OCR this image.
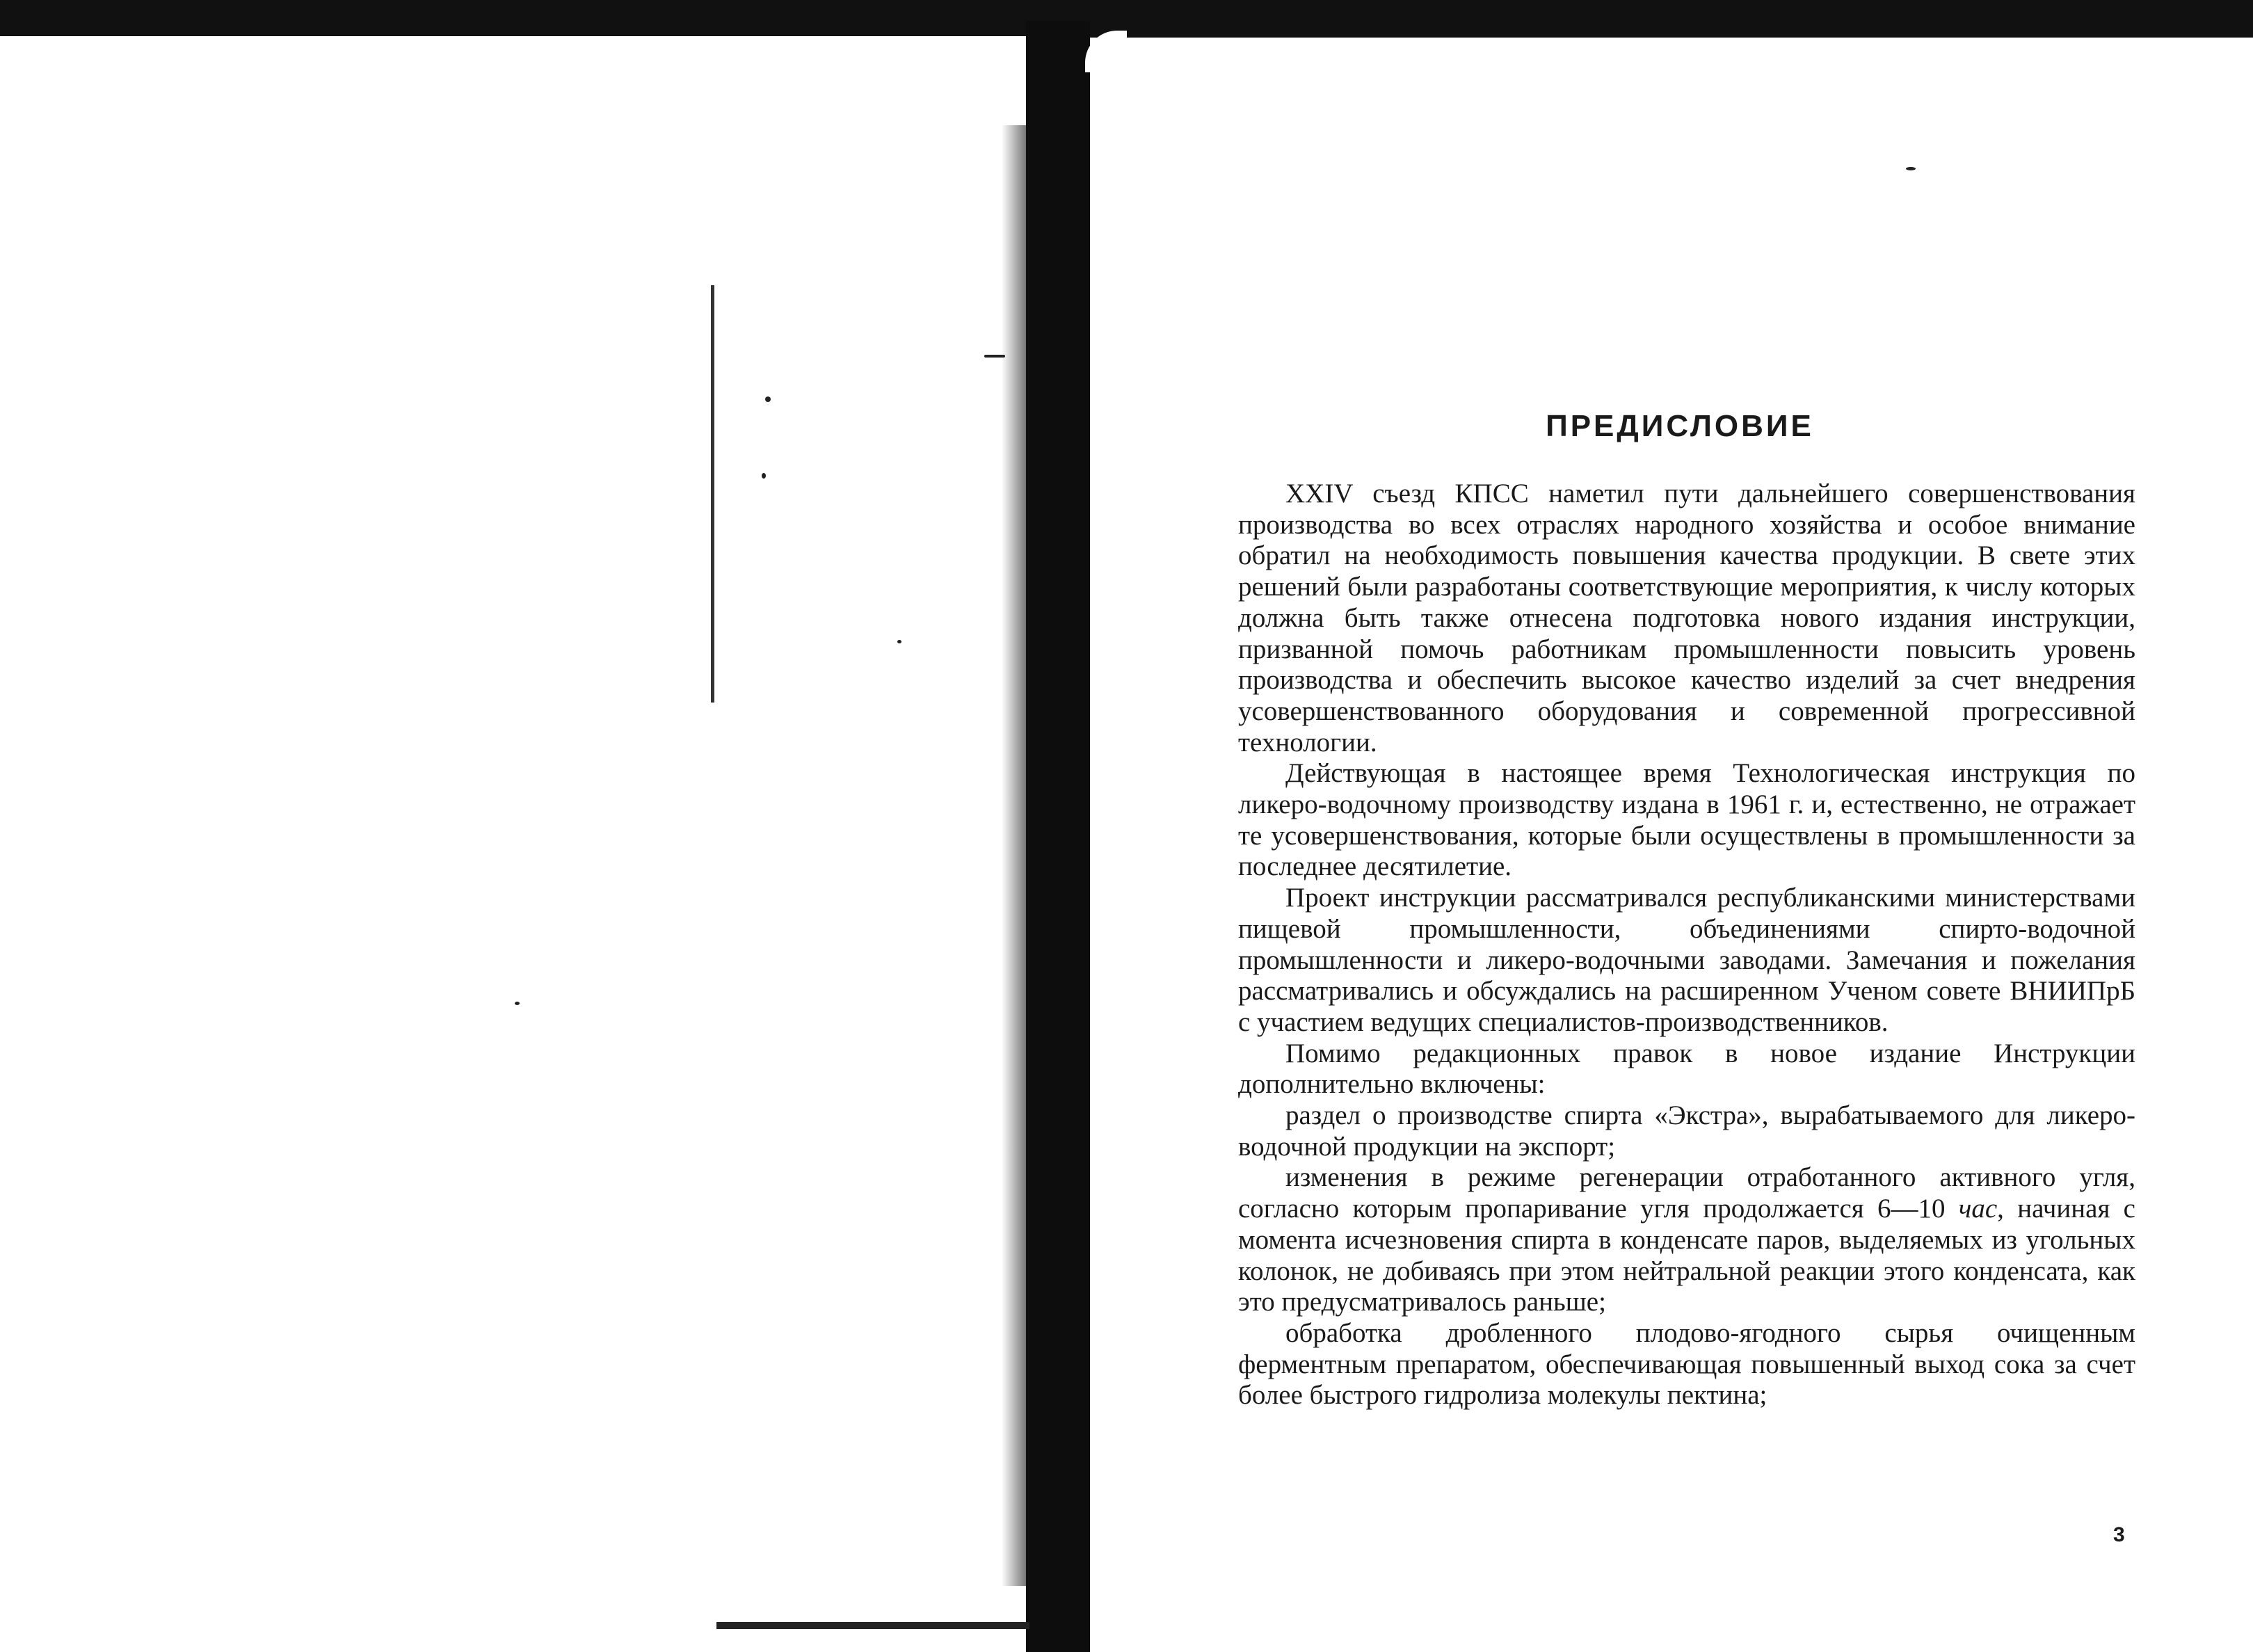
ПРЕДИСЛОВИЕ

XXIV съезд КПСС наметил пути дальнейшего совершенствования производства во всех отраслях народного хозяйства и особое внимание обратил на необходимость повышения качества продукции. В свете этих решений были разработаны соответствующие мероприятия, к числу которых должна быть также отнесена подготовка нового издания инструкции, призванной помочь работникам промышленности повысить уровень производства и обеспечить высокое качество изделий за счет внедрения усовершенствованного оборудования и современной прогрессивной технологии.

Действующая в настоящее время Технологическая инструкция по ликеро-водочному производству издана в 1961 г. и, естественно, не отражает те усовершенствования, которые были осуществлены в промышленности за последнее десятилетие.

Проект инструкции рассматривался республиканскими министерствами пищевой промышленности, объединениями спирто-водочной промышленности и ликеро-водочными заводами. Замечания и пожелания рассматривались и обсуждались на расширенном Ученом совете ВНИИПрБ с участием ведущих специалистов-производственников.

Помимо редакционных правок в новое издание Инструкции дополнительно включены:

раздел о производстве спирта «Экстра», вырабатываемого для ликеро-водочной продукции на экспорт;

изменения в режиме регенерации отработанного активного угля, согласно которым пропаривание угля продолжается 6—10 час, начиная с момента исчезновения спирта в конденсате паров, выделяемых из угольных колонок, не добиваясь при этом нейтральной реакции этого конденсата, как это предусматривалось раньше;

обработка дробленного плодово-ягодного сырья очищенным ферментным препаратом, обеспечивающая повышенный выход сока за счет более быстрого гидролиза молекулы пектина;

3
